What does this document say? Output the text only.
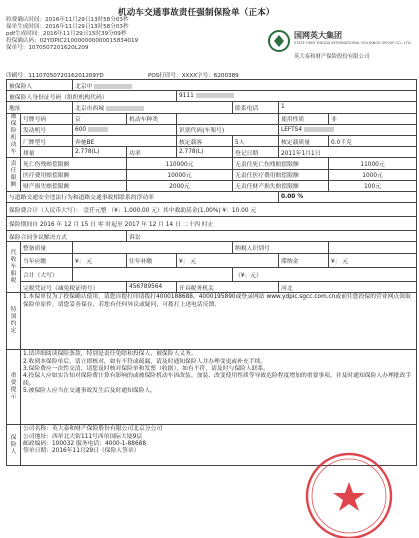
机动车交通事故责任强制保险单（正本）
收费确认时间：2016年11月29日13时58分03秒
保单生成时间：2016年11月29日13时58分03秒
pdf生成时间：2016年11月29日15时39分09秒
投保确认码：02YDPIC210000000000015834019
保单号：1070507201620L209
国网英大集团
STATE GRID YINGDA INTERNATIONAL HOLDINGS GROUP CO., LTD.
英大泰和财产保险股份有限公司
印刷号：1110705072016201209YD	POS打印号：XXXX字号：6200389
被保险人		北京中					
被保险人身份证号码（组织机构代码）				9111			
地址		北京市西城			联系电话	1	
被保险机动车	号牌号码	京	机动车种类			使用性质	非
	发动机号	600		识别代码(车架号)		LEFTS4	
	厂牌型号	奔驰BE		核定载客	5人	核定载质量	0.0千克
	排量	2.778(L)	功率	2.778(L)	登记日期	2011年1月1日	
责任限额	死亡伤残赔偿限额		110000元		无责任死亡伤残赔偿限额		11000元
	医疗费用赔偿限额		10000元		无责任医疗费用赔偿限额		1000元
	财产损失赔偿限额		2000元		无责任财产损失赔偿限额		100元
与道路交通安全违法行为和道路交通事故相联系的浮动率						0.00 %	
保险费合计（人民币大写）： 壹仟元整 （¥：1,000.00 元）其中救助基金(1.00%) ¥：10.00 元							
保险期间自 2016 年 12 月 15 日 零 时起至 2017 年 12 月 14 日 二十四 时止							
保险合同争议解决方式			诉讼				
代收车船税	整备质量				纳税人识别号		
	当年应缴	¥： 元	往年补缴	¥： 元		滞纳金	¥： 元
	合计（大写）				（¥：元）		
	完税凭证号（减免税证明号）		456789564	开具税务机关		河北	
特别约定	1.本保单仅为了投保确认使用，请您自提打印请拨打4000188688。4000195890或登录网站 www.ydpic.sgcc.com.cn或前往您投保的营业网点领取保险单原件，请您妥善保存，若您有任何异议或疑问，可拨打上述电话反馈。						
重要提示	1.请详细阅读保险条款，特别是责任免除和投保人、被保险人义务。
2.收到本保险单后，请立即核对，如有不符或疏漏，请及时通知保险人并办理变更或补充手续。
3.保险费应一次性交清，请您及时核对保险单和发票（收据），如有不符，请及时与保险人联系。
4.投保人应如实告知对保险费计算有影响的或被保险机动车因改装、加装、改变使用性质等导致危险程度增加的重要事项，并及时通知保险人办理批改手续。
5.被保险人应当在交通事故发生后及时通知保险人。						

保险人	公司名称：英大泰和财产保险股份有限公司北京分公司
公司地址：西单北大街111号西单国际大厦9层
邮政编码：100032 服务电话：4000-1-88688
签单日期：2016年11月29日（保险人签章）						
